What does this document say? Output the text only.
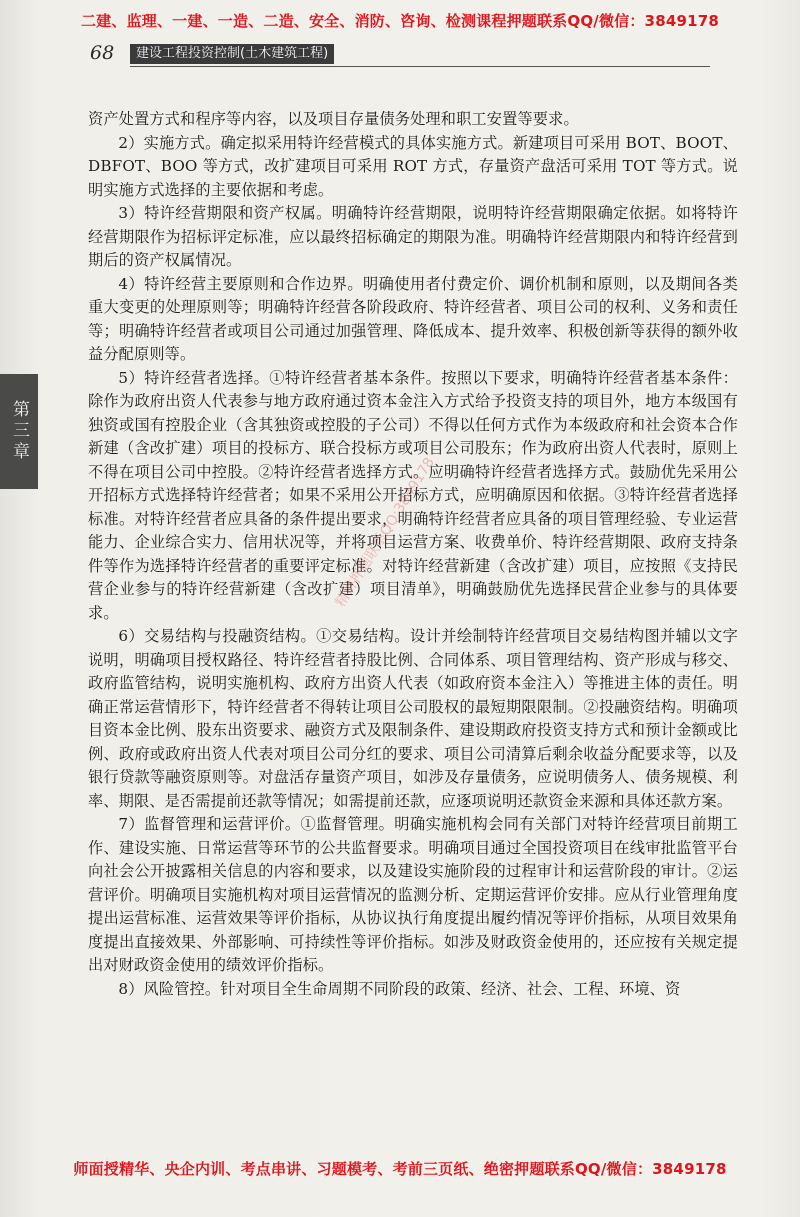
二建、监理、一建、一造、二造、安全、消防、咨询、检测课程押题联系QQ/微信：3849178
68	建设工程投资控制(土木建筑工程)
第三章

资产处置方式和程序等内容，以及项目存量债务处理和职工安置等要求。

2）实施方式。确定拟采用特许经营模式的具体实施方式。新建项目可采用 BOT、BOOT、DBFOT、BOO 等方式，改扩建项目可采用 ROT 方式，存量资产盘活可采用 TOT 等方式。说明实施方式选择的主要依据和考虑。

3）特许经营期限和资产权属。明确特许经营期限，说明特许经营期限确定依据。如将特许经营期限作为招标评定标准，应以最终招标确定的期限为准。明确特许经营期限内和特许经营到期后的资产权属情况。

4）特许经营主要原则和合作边界。明确使用者付费定价、调价机制和原则，以及期间各类重大变更的处理原则等；明确特许经营各阶段政府、特许经营者、项目公司的权利、义务和责任等；明确特许经营者或项目公司通过加强管理、降低成本、提升效率、积极创新等获得的额外收益分配原则等。

5）特许经营者选择。①特许经营者基本条件。按照以下要求，明确特许经营者基本条件：除作为政府出资人代表参与地方政府通过资本金注入方式给予投资支持的项目外，地方本级国有独资或国有控股企业（含其独资或控股的子公司）不得以任何方式作为本级政府和社会资本合作新建（含改扩建）项目的投标方、联合投标方或项目公司股东；作为政府出资人代表时，原则上不得在项目公司中控股。②特许经营者选择方式。应明确特许经营者选择方式。鼓励优先采用公开招标方式选择特许经营者；如果不采用公开招标方式，应明确原因和依据。③特许经营者选择标准。对特许经营者应具备的条件提出要求，明确特许经营者应具备的项目管理经验、专业运营能力、企业综合实力、信用状况等，并将项目运营方案、收费单价、特许经营期限、政府支持条件等作为选择特许经营者的重要评定标准。对特许经营新建（含改扩建）项目，应按照《支持民营企业参与的特许经营新建（含改扩建）项目清单》，明确鼓励优先选择民营企业参与的具体要求。

6）交易结构与投融资结构。①交易结构。设计并绘制特许经营项目交易结构图并辅以文字说明，明确项目授权路径、特许经营者持股比例、合同体系、项目管理结构、资产形成与移交、政府监管结构，说明实施机构、政府方出资人代表（如政府资本金注入）等推进主体的责任。明确正常运营情形下，特许经营者不得转让项目公司股权的最短期限限制。②投融资结构。明确项目资本金比例、股东出资要求、融资方式及限制条件、建设期政府投资支持方式和预计金额或比例、政府或政府出资人代表对项目公司分红的要求、项目公司清算后剩余收益分配要求等，以及银行贷款等融资原则等。对盘活存量资产项目，如涉及存量债务，应说明债务人、债务规模、利率、期限、是否需提前还款等情况；如需提前还款，应逐项说明还款资金来源和具体还款方案。

7）监督管理和运营评价。①监督管理。明确实施机构会同有关部门对特许经营项目前期工作、建设实施、日常运营等环节的公共监督要求。明确项目通过全国投资项目在线审批监管平台向社会公开披露相关信息的内容和要求，以及建设实施阶段的过程审计和运营阶段的审计。②运营评价。明确项目实施机构对项目运营情况的监测分析、定期运营评价安排。应从行业管理角度提出运营标准、运营效果等评价指标，从协议执行角度提出履约情况等评价指标，从项目效果角度提出直接效果、外部影响、可持续性等评价指标。如涉及财政资金使用的，还应按有关规定提出对财政资金使用的绩效评价指标。

8）风险管控。针对项目全生命周期不同阶段的政策、经济、社会、工程、环境、资

精讲押题联系QQ:3849178
师面授精华、央企内训、考点串讲、习题模考、考前三页纸、绝密押题联系QQ/微信：3849178
